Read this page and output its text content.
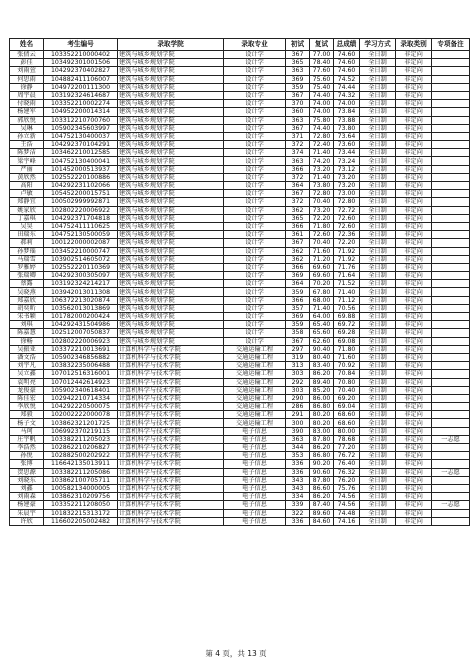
姓名	考生编号	录取学院	录取专业	初试	复试	总成绩	学习方式	录取类别	专项备注
张倩云	103352210000402	建筑与城乡规划学院	设计学	367	77.00	74.60	全日制	非定向	
彭佳	103492301001506	建筑与城乡规划学院	设计学	365	78.40	74.60	全日制	非定向	
刘雨萱	104292370402827	建筑与城乡规划学院	设计学	363	77.60	74.60	全日制	非定向	
何思雨	104882411106007	建筑与城乡规划学院	设计学	369	75.60	74.52	全日制	非定向	
徐静	104972200111300	建筑与城乡规划学院	设计学	359	75.40	74.44	全日制	非定向	
周宇晨	103192324614687	建筑与城乡规划学院	设计学	367	74.40	74.32	全日制	非定向	
付晓雨	103352210002274	建筑与城乡规划学院	设计学	370	74.00	74.00	全日制	非定向	
杨建军	104952200014314	建筑与城乡规划学院	设计学	360	74.00	73.84	全日制	非定向	
郭欣悦	103312210700760	建筑与城乡规划学院	设计学	363	75.80	73.88	全日制	非定向	
吴琳	105902345603997	建筑与城乡规划学院	设计学	367	74.40	73.80	全日制	非定向	
孙立新	104752130400037	建筑与城乡规划学院	设计学	371	72.80	73.64	全日制	非定向	
王浩	104292370104291	建筑与城乡规划学院	设计学	372	72.40	73.60	全日制	非定向	
陈梦洁	103462210012585	建筑与城乡规划学院	设计学	374	71.40	73.44	全日制	非定向	
梁宇峰	104752130400041	建筑与城乡规划学院	设计学	363	74.20	73.24	全日制	非定向	
严丽	101452000513937	建筑与城乡规划学院	设计学	366	73.20	73.12	全日制	非定向	
黄欣然	102552220100886	建筑与城乡规划学院	设计学	372	71.40	73.20	全日制	非定向	
高阳	104292231102066	建筑与城乡规划学院	设计学	364	73.80	73.20	全日制	非定向	
卢敏	105452200015751	建筑与城乡规划学院	设计学	367	72.80	73.00	全日制	非定向	
郑静宜	100502999992871	建筑与城乡规划学院	设计学	372	70.40	72.80	全日制	非定向	
姚家欣	102802220006922	建筑与城乡规划学院	设计学	362	73.20	72.72	全日制	非定向	
丁嘉琪	104292371704818	建筑与城乡规划学院	设计学	365	72.20	72.60	全日制	非定向	
吴昊	104752411110625	建筑与城乡规划学院	设计学	366	71.80	72.60	全日制	非定向	
田瑞东	104752130500059	建筑与城乡规划学院	设计学	361	72.60	72.36	全日制	非定向	
郝莉	100122000002087	建筑与城乡规划学院	设计学	367	70.40	72.20	全日制	非定向	
孙梦瑶	103452210000747	建筑与城乡规划学院	设计学	362	71.60	71.92	全日制	非定向	
马瑞雪	103902514605072	建筑与城乡规划学院	设计学	362	71.20	71.92	全日制	非定向	
罗雅婷	102552220110369	建筑与城乡规划学院	设计学	366	69.60	71.76	全日制	非定向	
张瑞卿	104292300305097	建筑与城乡规划学院	设计学	369	69.60	71.64	全日制	非定向	
蔡露	103192324214217	建筑与城乡规划学院	设计学	364	70.20	71.52	全日制	非定向	
吴晓燕	103942013011308	建筑与城乡规划学院	设计学	359	67.80	71.40	全日制	非定向	
郑嘉欣	106372213020874	建筑与城乡规划学院	设计学	366	68.00	71.12	全日制	非定向	
胡奕昕	103562013013869	建筑与城乡规划学院	设计学	357	71.40	70.56	全日制	非定向	
宋书颖	101782000200424	建筑与城乡规划学院	设计学	369	64.00	69.88	全日制	非定向	
刘琪	104292431504986	建筑与城乡规划学院	设计学	359	65.40	69.72	全日制	非定向	
陈嘉慧	102512007050837	建筑与城乡规划学院	设计学	358	65.60	69.28	全日制	非定向	
徐畅	102802220006923	建筑与城乡规划学院	设计学	367	62.60	69.08	全日制	非定向	
吴振亚	103372210013691	计算机科学与技术学院	交通运输工程	297	90.40	71.80	全日制	非定向	
潘文浩	105902346856882	计算机科学与技术学院	交通运输工程	319	80.40	71.60	全日制	非定向	
刘宇凡	103832235006488	计算机科学与技术学院	交通运输工程	313	83.40	70.92	全日制	非定向	
吴立鑫	107012516316001	计算机科学与技术学院	交通运输工程	303	86.20	70.84	全日制	非定向	
袁明亮	107012442614923	计算机科学与技术学院	交通运输工程	292	89.40	70.80	全日制	非定向	
龙俊豪	105902340618401	计算机科学与技术学院	交通运输工程	303	85.20	70.40	全日制	非定向	
陈佳宏	102942210714334	计算机科学与技术学院	交通运输工程	290	86.00	69.20	全日制	非定向	
李欣悦	104292220500075	计算机科学与技术学院	交通运输工程	286	86.80	69.04	全日制	非定向	
郑毅	102002222000078	计算机科学与技术学院	交通运输工程	291	80.20	68.60	全日制	非定向	
杨子文	103862321201725	计算机科学与技术学院	交通运输工程	300	80.20	68.60	全日制	非定向	
马珂	106992370219115	计算机科学与技术学院	电子信息	390	83.00	80.00	全日制	非定向	
庄宇帆	103382211205023	计算机科学与技术学院	电子信息	363	87.80	78.68	全日制	非定向	一志愿
李浩然	102862210206827	计算机科学与技术学院	电子信息	344	86.20	77.20	全日制	非定向	
孙悦	102882500202922	计算机科学与技术学院	电子信息	353	86.80	76.72	全日制	非定向	
张博	116642135013911	计算机科学与技术学院	电子信息	336	90.20	76.40	全日制	非定向	
贺思源	103382211205086	计算机科学与技术学院	电子信息	336	90.60	76.32	全日制	非定向	一志愿
刘晓东	103862100705711	计算机科学与技术学院	电子信息	343	87.80	76.20	全日制	非定向	
刘鑫	100582134000005	计算机科学与技术学院	电子信息	343	86.60	75.76	全日制	非定向	
刘雨森	103862310209756	计算机科学与技术学院	电子信息	334	86.20	74.56	全日制	非定向	
杨建豪	103352211208050	计算机科学与技术学院	电子信息	339	87.40	74.56	全日制	非定向	一志愿
朱晨宇	101832215313172	计算机科学与技术学院	电子信息	322	89.60	74.48	全日制	非定向	
许欣	116602205002482	计算机科学与技术学院	电子信息	336	84.60	74.16	全日制	非定向	
第 4 页，共 13 页
